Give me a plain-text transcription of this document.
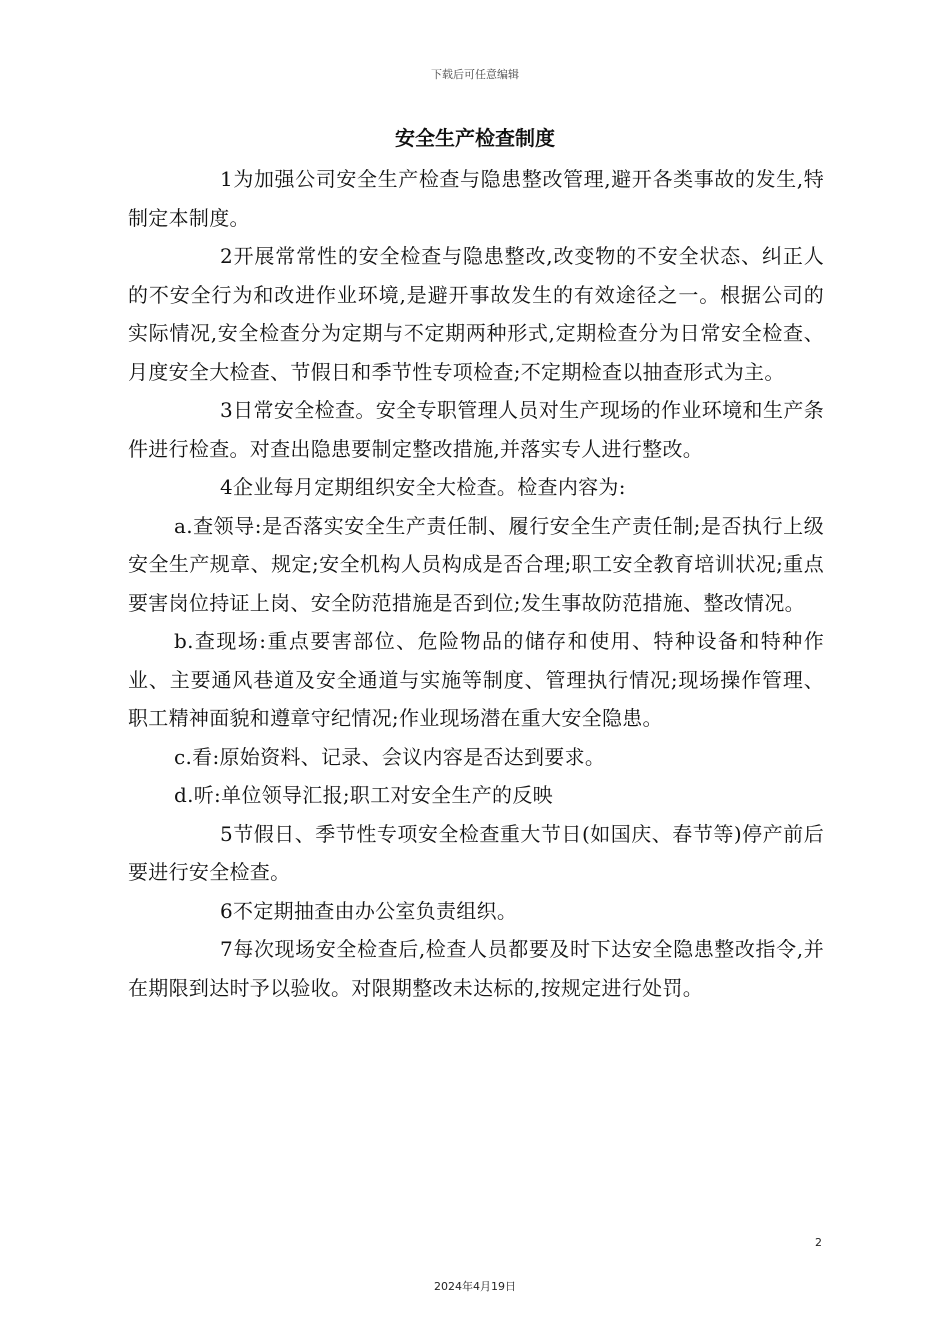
下载后可任意编辑
安全生产检查制度

1为加强公司安全生产检查与隐患整改管理,避开各类事故的发生,特制定本制度。

2开展常常性的安全检查与隐患整改,改变物的不安全状态、纠正人的不安全行为和改进作业环境,是避开事故发生的有效途径之一。根据公司的实际情况,安全检查分为定期与不定期两种形式,定期检查分为日常安全检查、月度安全大检查、节假日和季节性专项检查;不定期检查以抽查形式为主。

3日常安全检查。安全专职管理人员对生产现场的作业环境和生产条件进行检查。对查出隐患要制定整改措施,并落实专人进行整改。

4企业每月定期组织安全大检查。检查内容为:

a.查领导:是否落实安全生产责任制、履行安全生产责任制;是否执行上级安全生产规章、规定;安全机构人员构成是否合理;职工安全教育培训状况;重点要害岗位持证上岗、安全防范措施是否到位;发生事故防范措施、整改情况。

b.查现场:重点要害部位、危险物品的储存和使用、特种设备和特种作业、主要通风巷道及安全通道与实施等制度、管理执行情况;现场操作管理、职工精神面貌和遵章守纪情况;作业现场潜在重大安全隐患。

c.看:原始资料、记录、会议内容是否达到要求。

d.听:单位领导汇报;职工对安全生产的反映

5节假日、季节性专项安全检查重大节日(如国庆、春节等)停产前后要进行安全检查。

6不定期抽查由办公室负责组织。

7每次现场安全检查后,检查人员都要及时下达安全隐患整改指令,并在期限到达时予以验收。对限期整改未达标的,按规定进行处罚。

2
2024年4月19日
